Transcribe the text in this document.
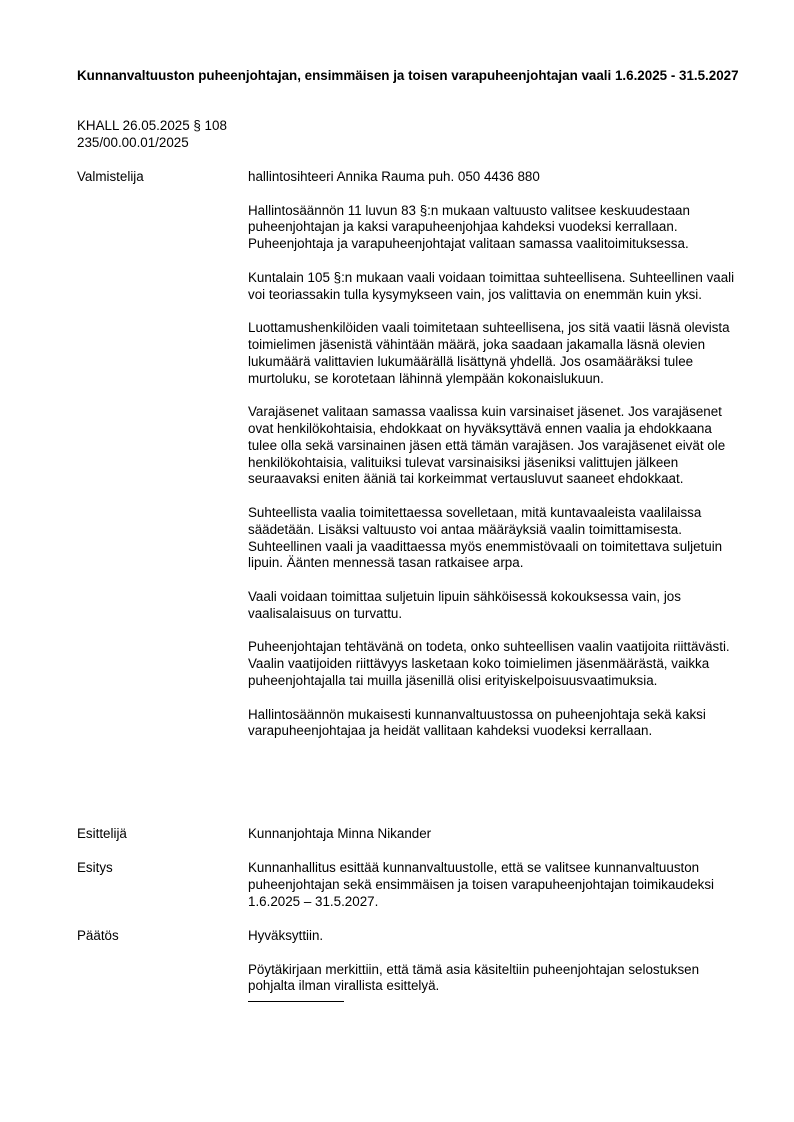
Kunnanvaltuuston puheenjohtajan, ensimmäisen ja toisen varapuheenjohtajan vaali 1.6.2025 - 31.5.2027
KHALL 26.05.2025 § 108
235/00.00.01/2025
Valmistelija	hallintosihteeri Annika Rauma puh. 050 4436 880

Hallintosäännön 11 luvun 83 §:n mukaan valtuusto valitsee keskuudestaan puheenjohtajan ja kaksi varapuheenjohjaa kahdeksi vuodeksi kerrallaan. Puheenjohtaja ja varapuheenjohtajat valitaan samassa vaalitoimituksessa.

Kuntalain 105 §:n mukaan vaali voidaan toimittaa suhteellisena. Suhteellinen vaali voi teoriassakin tulla kysymykseen vain, jos valittavia on enemmän kuin yksi.

Luottamushenkilöiden vaali toimitetaan suhteellisena, jos sitä vaatii läsnä olevista toimielimen jäsenistä vähintään määrä, joka saadaan jakamalla läsnä olevien lukumäärä valittavien lukumäärällä lisättynä yhdellä. Jos osamääräksi tulee murtoluku, se korotetaan lähinnä ylempään kokonaislukuun.

Varajäsenet valitaan samassa vaalissa kuin varsinaiset jäsenet. Jos varajäsenet ovat henkilökohtaisia, ehdokkaat on hyväksyttävä ennen vaalia ja ehdokkaana tulee olla sekä varsinainen jäsen että tämän varajäsen. Jos varajäsenet eivät ole henkilökohtaisia, valituiksi tulevat varsinaisiksi jäseniksi valittujen jälkeen seuraavaksi eniten ääniä tai korkeimmat vertausluvut saaneet ehdokkaat.

Suhteellista vaalia toimitettaessa sovelletaan, mitä kuntavaaleista vaalilaissa säädetään. Lisäksi valtuusto voi antaa määräyksiä vaalin toimittamisesta. Suhteellinen vaali ja vaadittaessa myös enemmistövaali on toimitettava suljetuin lipuin. Äänten mennessä tasan ratkaisee arpa.

Vaali voidaan toimittaa suljetuin lipuin sähköisessä kokouksessa vain, jos vaalisalaisuus on turvattu.

Puheenjohtajan tehtävänä on todeta, onko suhteellisen vaalin vaatijoita riittävästi. Vaalin vaatijoiden riittävyys lasketaan koko toimielimen jäsenmäärästä, vaikka puheenjohtajalla tai muilla jäsenillä olisi erityiskelpoisuusvaatimuksia.

Hallintosäännön mukaisesti kunnanvaltuustossa on puheenjohtaja sekä kaksi varapuheenjohtajaa ja heidät vallitaan kahdeksi vuodeksi kerrallaan.

Esittelijä	Kunnanjohtaja Minna Nikander

Esitys	Kunnanhallitus esittää kunnanvaltuustolle, että se valitsee kunnanvaltuuston puheenjohtajan sekä ensimmäisen ja toisen varapuheenjohtajan toimikaudeksi 1.6.2025 – 31.5.2027.

Päätös	Hyväksyttiin.

Pöytäkirjaan merkittiin, että tämä asia käsiteltiin puheenjohtajan selostuksen pohjalta ilman virallista esittelyä.
